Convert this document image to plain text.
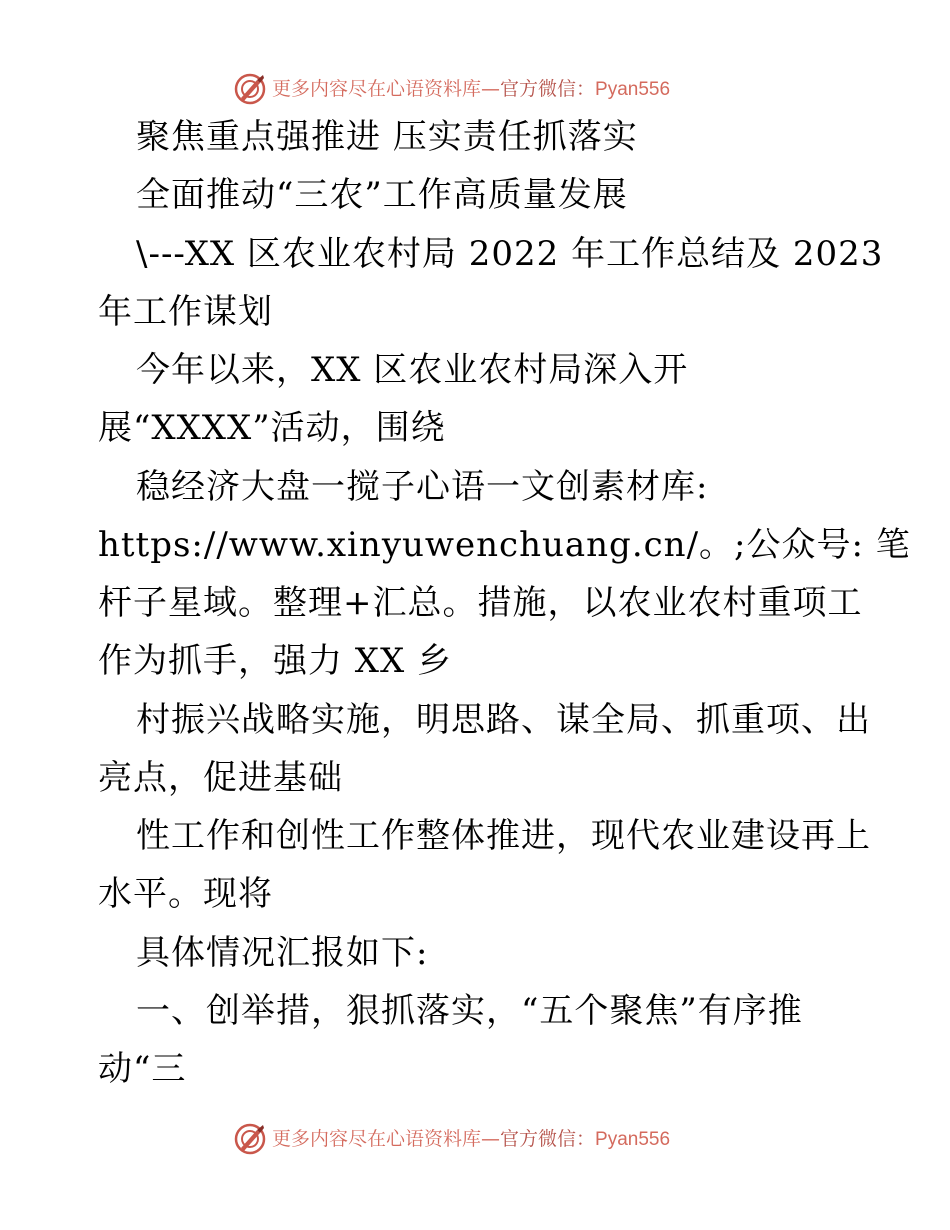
更多内容尽在心语资料库—官方微信：Pyan556
聚焦重点强推进 压实责任抓落实
全面推动“三农”工作高质量发展
\---XX 区农业农村局 2022 年工作总结及 2023
年工作谋划
今年以来，XX 区农业农村局深入开
展“XXXX”活动，围绕
稳经济大盘一搅子心语一文创素材库:
https://www.xinyuwenchuang.cn/。;公众号: 笔
杆子星域。整理+汇总。措施，以农业农村重项工
作为抓手，强力 XX 乡
村振兴战略实施，明思路、谋全局、抓重项、出
亮点，促进基础
性工作和创性工作整体推进，现代农业建设再上
水平。现将
具体情况汇报如下:
一、创举措，狠抓落实，“五个聚焦”有序推
动“三
更多内容尽在心语资料库—官方微信：Pyan556
